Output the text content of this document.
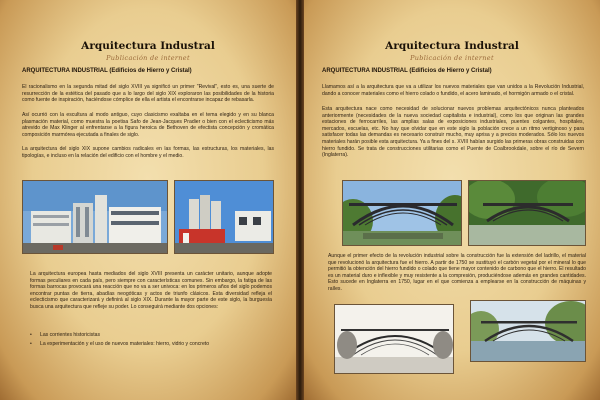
Arquitectura Industral
Publicación de internet
ARQUITECTURA INDUSTRIAL (Edificios de Hierro y Cristal)
El racionalismo en la segunda mitad del siglo XVIII ya significó un primer "Revival", esto es, una suerte de resurrección de la estética del pasado que a lo largo del siglo XIX exploraron las posibilidades de la historia como fuente de inspiración, haciéndose cómplice de ella el artista el encontrarse incapaz de rebasarla.
Así ocurrió con la escultura al modo antiguo, cuyo clasicismo exaltaba en el tema elegido y en su blanca plasmación material, como muestra la poetisa Safo de Jean-Jacques Pradier o bien con el eclecticismo más atrevido de Max Klinger al enfrentarse a la figura heroica de Bethoven de efectista concepción y cromática composición marmórea ejecutada a finales de siglo.
La arquitectura del siglo XIX supone cambios radicales en las formas, las estructuras, los materiales, las tipologías, e incluso en la relación del edificio con el hombre y el medio.
La arquitectura europea hasta mediados del siglo XVIII presenta un carácter unitario, aunque adopte formas peculiares en cada país, pero siempre con características comunes. Sin embargo, la fatiga de las formas barrocas provocará una reacción que no va a ser univoca: en los primeros años del siglo podemos encontrar puntas de tierra, abadías neogóticas y actos de triunfo clásicos. Esta diversidad refleja el eclecticismo que caracterizará y definirá al siglo XIX. Durante la mayor parte de este siglo, la burguesía busca una arquitectura que refleje su poder. Lo conseguirá mediante dos opciones:
• Las corrientes historicistas
• La experimentación y el uso de nuevos materiales: hierro, vidrio y concreto
Arquitectura Industral
Publicación de internet
ARQUITECTURA INDUSTRIAL (Edificios de Hierro y Cristal)
Llamamos así a la arquitectura que va a utilizar los nuevos materiales que van unidos a la Revolución Industrial, dando a conocer materiales como el hierro colado o fundido, el acero laminado, el hormigón armado o el cristal.
Esta arquitectura nace como necesidad de solucionar nuevos problemas arquitectónicos nunca planteados anteriormente (necesidades de la nueva sociedad capitalista e industrial), como los que originan las grandes estaciones de ferrocarriles, las amplias salas de exposiciones industriales, puentes colgantes, hospitales, mercados, escuelas, etc. No hay que olvidar que en este siglo la población crece a un ritmo vertiginoso y para satisfacer todas las demandas es necesario construir mucho, muy aprisa y a precios moderados. Sólo los nuevos materiales harán posible esta arquitectura. Ya a fines del s. XVIII habían surgido las primeras obras construidas con hierro fundido. Se trata de construcciones utilitarias como el Puente de Coalbrookdale, sobre el río de Severn (Inglaterra).
Aunque el primer efecto de la revolución industrial sobre la construcción fue la extensión del ladrillo, el material que revolucionó la arquitectura fue el hierro. A partir de 1750 se sustituyó el carbón vegetal por el mineral lo que permitió la obtención del hierro fundido o colado que tiene mayor contenido de carbono que el hierro. El resultado es un material duro e inflexible y muy resistente a la compresión, produciéndose además en grandes cantidades. Esto sucede en Inglaterra en 1750, lugar en el que comienza a emplearse en la construcción de máquinas y raíles.
